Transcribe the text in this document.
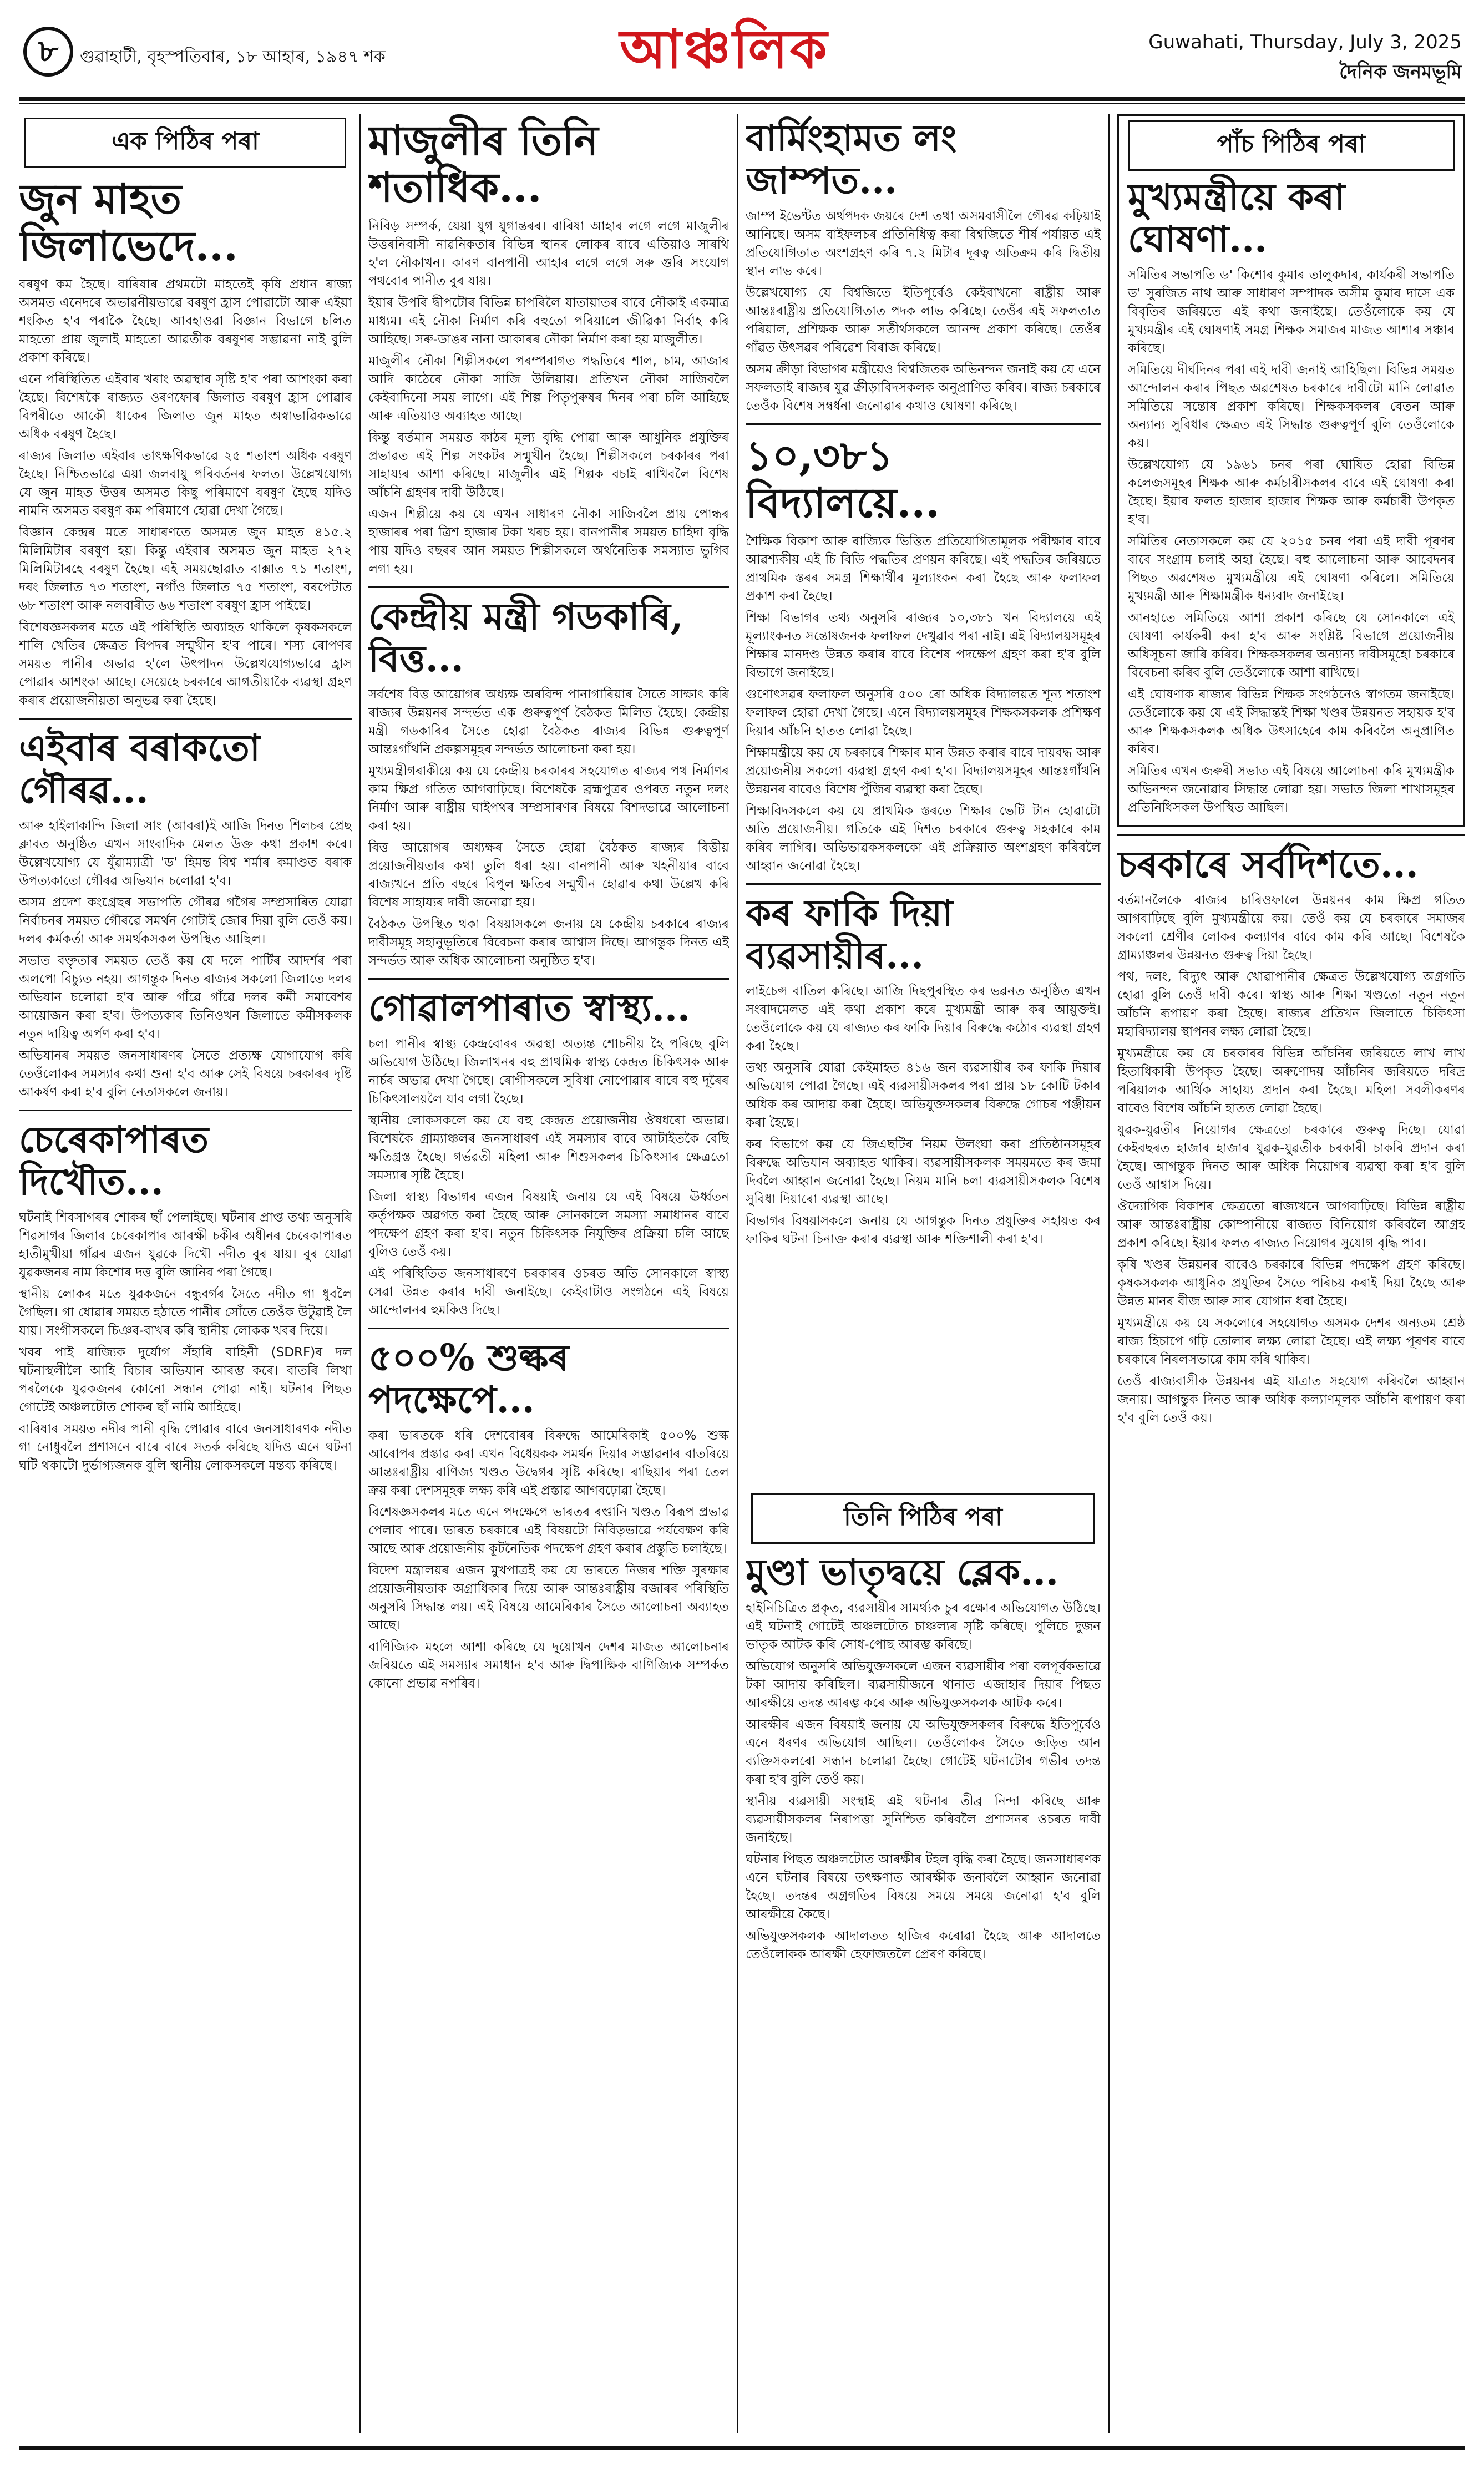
৮	গুৱাহাটী, বৃহস্পতিবাৰ, ১৮ আহাৰ, ১৯৪৭ শক	আঞ্চলিক	Guwahati, Thursday, July 3, 2025
দৈনিক জনমভূমি
এক পিঠিৰ পৰা
জুন মাহত জিলাভেদে...

বৰষুণ কম হৈছে। বাৰিষাৰ প্ৰথমটো মাহতেই কৃষি প্ৰধান ৰাজ্য অসমত এনেদৰে অভাৱনীয়ভাৱে বৰষুণ হ্ৰাস পোৱাটো আৰু এইয়া শংকিত হ'ব পৰাকৈ হৈছে। আবহাওৱা বিজ্ঞান বিভাগে চলিত মাহতো প্ৰায় জুলাই মাহতো আৱতীক বৰষুণৰ সম্ভাৱনা নাই বুলি প্ৰকাশ কৰিছে।

এনে পৰিস্থিতিত এইবাৰ খৰাং অৱস্থাৰ সৃষ্টি হ'ব পৰা আশংকা কৰা হৈছে। বিশেষকৈ ৰাজ্যত ওৰণফোৰ জিলাত বৰষুণ হ্ৰাস পোৱাৰ বিপৰীতে আকৌ ধাকেৰ জিলাত জুন মাহত অস্বাভাৱিকভাৱে অধিক বৰষুণ হৈছে।

ৰাজ্যৰ জিলাত এইবাৰ তাৎক্ষণিকভাৱে ২৫ শতাংশ অধিক বৰষুণ হৈছে। নিশ্চিতভাৱে এয়া জলবায়ু পৰিবৰ্তনৰ ফলত। উল্লেখযোগ্য যে জুন মাহত উত্তৰ অসমত কিছু পৰিমাণে বৰষুণ হৈছে যদিও নামনি অসমত বৰষুণ কম পৰিমাণে হোৱা দেখা গৈছে।

বিজ্ঞান কেন্দ্ৰৰ মতে সাধাৰণতে অসমত জুন মাহত ৪১৫.২ মিলিমিটাৰ বৰষুণ হয়। কিন্তু এইবাৰ অসমত জুন মাহত ২৭২ মিলিমিটাৰহে বৰষুণ হৈছে। এই সময়ছোৱাত বাক্সাত ৭১ শতাংশ, দৰং জিলাত ৭৩ শতাংশ, নগাঁও জিলাত ৭৫ শতাংশ, বৰপেটাত ৬৮ শতাংশ আৰু নলবাৰীত ৬৬ শতাংশ বৰষুণ হ্ৰাস পাইছে।

বিশেষজ্ঞসকলৰ মতে এই পৰিস্থিতি অব্যাহত থাকিলে কৃষকসকলে শালি খেতিৰ ক্ষেত্ৰত বিপদৰ সন্মুখীন হ'ব পাৰে। শস্য ৰোপণৰ সময়ত পানীৰ অভাৱ হ'লে উৎপাদন উল্লেখযোগ্যভাৱে হ্ৰাস পোৱাৰ আশংকা আছে। সেয়েহে চৰকাৰে আগতীয়াকৈ ব্যৱস্থা গ্ৰহণ কৰাৰ প্ৰয়োজনীয়তা অনুভৱ কৰা হৈছে।

এইবাৰ বৰাকতো গৌৰৱ...

আৰু হাইলাকান্দি জিলা সাং (আবৰা)ই আজি দিনত শিলচৰ প্ৰেছ ক্লাবত অনুষ্ঠিত এখন সাংবাদিক মেলত উক্ত কথা প্ৰকাশ কৰে। উল্লেখযোগ্য যে যুঁৱাম্যাত্ৰী 'ড' হিমন্ত বিশ্ব শৰ্মাৰ কমাণ্ডত বৰাক উপত্যকাতো গৌৰৱ অভিযান চলোৱা হ'ব।

অসম প্ৰদেশ কংগ্ৰেছৰ সভাপতি গৌৰৱ গগৈৰ সম্প্ৰসাৰিত যোৱা নিৰ্বাচনৰ সময়ত গৌৰৱে সমৰ্থন গোটাই জোৰ দিয়া বুলি তেওঁ কয়। দলৰ কৰ্মকৰ্তা আৰু সমৰ্থকসকল উপস্থিত আছিল।

সভাত বক্তৃতাৰ সময়ত তেওঁ কয় যে দলে পাৰ্টিৰ আদৰ্শৰ পৰা অলপো বিচ্যুত নহয়। আগন্তুক দিনত ৰাজ্যৰ সকলো জিলাতে দলৰ অভিযান চলোৱা হ'ব আৰু গাঁৱে গাঁৱে দলৰ কৰ্মী সমাবেশৰ আয়োজন কৰা হ'ব। উপত্যকাৰ তিনিওখন জিলাতে কৰ্মীসকলক নতুন দায়িত্ব অৰ্পণ কৰা হ'ব।

অভিযানৰ সময়ত জনসাধাৰণৰ সৈতে প্ৰত্যক্ষ যোগাযোগ কৰি তেওঁলোকৰ সমস্যাৰ কথা শুনা হ'ব আৰু সেই বিষয়ে চৰকাৰৰ দৃষ্টি আকৰ্ষণ কৰা হ'ব বুলি নেতাসকলে জনায়।

চেৰেকাপাৰত দিখৌত...

ঘটনাই শিবসাগৰৰ শোকৰ ছাঁ পেলাইছে। ঘটনাৰ প্ৰাপ্ত তথ্য অনুসৰি শিৱসাগৰ জিলাৰ চেৰেকাপাৰ আৰক্ষী চকীৰ অধীনৰ চেৰেকাপাৰত হাতীমুখীয়া গাঁৱৰ এজন যুৱকে দিখৌ নদীত বুৰ যায়। বুৰ যোৱা যুৱকজনৰ নাম কিশোৰ দত্ত বুলি জানিব পৰা গৈছে।

স্থানীয় লোকৰ মতে যুৱকজনে বন্ধুবৰ্গৰ সৈতে নদীত গা ধুবলৈ গৈছিল। গা ধোৱাৰ সময়ত হঠাতে পানীৰ সোঁতে তেওঁক উটুৱাই লৈ যায়। সংগীসকলে চিঞৰ-বাখৰ কৰি স্থানীয় লোকক খবৰ দিয়ে।

খবৰ পাই ৰাজ্যিক দুৰ্যোগ সঁহাৰি বাহিনী (SDRF)ৰ দল ঘটনাস্থলীলৈ আহি বিচাৰ অভিযান আৰম্ভ কৰে। বাতৰি লিখা পৰলৈকে যুৱকজনৰ কোনো সন্ধান পোৱা নাই। ঘটনাৰ পিছত গোটেই অঞ্চলটোত শোকৰ ছাঁ নামি আহিছে।

বাৰিষাৰ সময়ত নদীৰ পানী বৃদ্ধি পোৱাৰ বাবে জনসাধাৰণক নদীত গা নোধুবলৈ প্ৰশাসনে বাৰে বাৰে সতৰ্ক কৰিছে যদিও এনে ঘটনা ঘটি থকাটো দুৰ্ভাগ্যজনক বুলি স্থানীয় লোকসকলে মন্তব্য কৰিছে।

মাজুলীৰ তিনি শতাধিক...

নিবিড় সম্পৰ্ক, যেয়া যুগ যুগান্তৰৰ। বাৰিষা আহাৰ লগে লগে মাজুলীৰ উত্তৰনিবাসী নাৱনিকতাৰ বিভিন্ন স্থানৰ লোকৰ বাবে এতিয়াও সাৰথি হ'ল নৌকাখন। কাৰণ বানপানী আহাৰ লগে লগে সৰু গুৰি সংযোগ পথবোৰ পানীত বুৰ যায়।

ইয়াৰ উপৰি দ্বীপটোৰ বিভিন্ন চাপৰিলৈ যাতায়াতৰ বাবে নৌকাই একমাত্ৰ মাধ্যম। এই নৌকা নিৰ্মাণ কৰি বহুতো পৰিয়ালে জীৱিকা নিৰ্বাহ কৰি আহিছে। সৰু-ডাঙৰ নানা আকাৰৰ নৌকা নিৰ্মাণ কৰা হয় মাজুলীত।

মাজুলীৰ নৌকা শিল্পীসকলে পৰম্পৰাগত পদ্ধতিৰে শাল, চাম, আজাৰ আদি কাঠেৰে নৌকা সাজি উলিয়ায়। প্ৰতিখন নৌকা সাজিবলৈ কেইবাদিনো সময় লাগে। এই শিল্প পিতৃপুৰুষৰ দিনৰ পৰা চলি আহিছে আৰু এতিয়াও অব্যাহত আছে।

কিন্তু বৰ্তমান সময়ত কাঠৰ মূল্য বৃদ্ধি পোৱা আৰু আধুনিক প্ৰযুক্তিৰ প্ৰভাৱত এই শিল্প সংকটৰ সন্মুখীন হৈছে। শিল্পীসকলে চৰকাৰৰ পৰা সাহায্যৰ আশা কৰিছে। মাজুলীৰ এই শিল্পক বচাই ৰাখিবলৈ বিশেষ আঁচনি গ্ৰহণৰ দাবী উঠিছে।

এজন শিল্পীয়ে কয় যে এখন সাধাৰণ নৌকা সাজিবলৈ প্ৰায় পোন্ধৰ হাজাৰৰ পৰা ত্ৰিশ হাজাৰ টকা খৰচ হয়। বানপানীৰ সময়ত চাহিদা বৃদ্ধি পায় যদিও বছৰৰ আন সময়ত শিল্পীসকলে অৰ্থনৈতিক সমস্যাত ভুগিব লগা হয়।

কেন্দ্ৰীয় মন্ত্ৰী গডকাৰি, বিত্ত...

সৰ্বশেষ বিত্ত আয়োগৰ অধ্যক্ষ অৰবিন্দ পানাগাৰিয়াৰ সৈতে সাক্ষাৎ কৰি ৰাজ্যৰ উন্নয়নৰ সন্দৰ্ভত এক গুৰুত্বপূৰ্ণ বৈঠকত মিলিত হৈছে। কেন্দ্ৰীয় মন্ত্ৰী গডকাৰিৰ সৈতে হোৱা বৈঠকত ৰাজ্যৰ বিভিন্ন গুৰুত্বপূৰ্ণ আন্তঃগাঁথনি প্ৰকল্পসমূহৰ সন্দৰ্ভত আলোচনা কৰা হয়।

মুখ্যমন্ত্ৰীগৰাকীয়ে কয় যে কেন্দ্ৰীয় চৰকাৰৰ সহযোগত ৰাজ্যৰ পথ নিৰ্মাণৰ কাম ক্ষিপ্ৰ গতিত আগবাঢ়িছে। বিশেষকৈ ব্ৰহ্মপুত্ৰৰ ওপৰত নতুন দলং নিৰ্মাণ আৰু ৰাষ্ট্ৰীয় ঘাইপথৰ সম্প্ৰসাৰণৰ বিষয়ে বিশদভাৱে আলোচনা কৰা হয়।

বিত্ত আয়োগৰ অধ্যক্ষৰ সৈতে হোৱা বৈঠকত ৰাজ্যৰ বিত্তীয় প্ৰয়োজনীয়তাৰ কথা তুলি ধৰা হয়। বানপানী আৰু খহনীয়াৰ বাবে ৰাজ্যখনে প্ৰতি বছৰে বিপুল ক্ষতিৰ সন্মুখীন হোৱাৰ কথা উল্লেখ কৰি বিশেষ সাহায্যৰ দাবী জনোৱা হয়।

বৈঠকত উপস্থিত থকা বিষয়াসকলে জনায় যে কেন্দ্ৰীয় চৰকাৰে ৰাজ্যৰ দাবীসমূহ সহানুভূতিৰে বিবেচনা কৰাৰ আশ্বাস দিছে। আগন্তুক দিনত এই সন্দৰ্ভত আৰু অধিক আলোচনা অনুষ্ঠিত হ'ব।

গোৱালপাৰাত স্বাস্থ্য...

চলা পানীৰ স্বাস্থ্য কেন্দ্ৰবোৰৰ অৱস্থা অত্যন্ত শোচনীয় হৈ পৰিছে বুলি অভিযোগ উঠিছে। জিলাখনৰ বহু প্ৰাথমিক স্বাস্থ্য কেন্দ্ৰত চিকিৎসক আৰু নাৰ্চৰ অভাৱ দেখা গৈছে। ৰোগীসকলে সুবিধা নোপোৱাৰ বাবে বহু দূৰৈৰ চিকিৎসালয়লৈ যাব লগা হৈছে।

স্থানীয় লোকসকলে কয় যে বহু কেন্দ্ৰত প্ৰয়োজনীয় ঔষধৰো অভাৱ। বিশেষকৈ গ্ৰাম্যাঞ্চলৰ জনসাধাৰণ এই সমস্যাৰ বাবে আটাইতকৈ বেছি ক্ষতিগ্ৰস্ত হৈছে। গৰ্ভৱতী মহিলা আৰু শিশুসকলৰ চিকিৎসাৰ ক্ষেত্ৰতো সমস্যাৰ সৃষ্টি হৈছে।

জিলা স্বাস্থ্য বিভাগৰ এজন বিষয়াই জনায় যে এই বিষয়ে ঊৰ্ধ্বতন কৰ্তৃপক্ষক অৱগত কৰা হৈছে আৰু সোনকালে সমস্যা সমাধানৰ বাবে পদক্ষেপ গ্ৰহণ কৰা হ'ব। নতুন চিকিৎসক নিযুক্তিৰ প্ৰক্ৰিয়া চলি আছে বুলিও তেওঁ কয়।

এই পৰিস্থিতিত জনসাধাৰণে চৰকাৰৰ ওচৰত অতি সোনকালে স্বাস্থ্য সেৱা উন্নত কৰাৰ দাবী জনাইছে। কেইবাটাও সংগঠনে এই বিষয়ে আন্দোলনৰ হুমকিও দিছে।

৫০০% শুল্কৰ পদক্ষেপে...

কৰা ভাৰতকে ধৰি দেশবোৰৰ বিৰুদ্ধে আমেৰিকাই ৫০০% শুল্ক আৰোপৰ প্ৰস্তাৱ কৰা এখন বিধেয়কক সমৰ্থন দিয়াৰ সম্ভাৱনাৰ বাতৰিয়ে আন্তঃৰাষ্ট্ৰীয় বাণিজ্য খণ্ডত উদ্বেগৰ সৃষ্টি কৰিছে। ৰাছিয়াৰ পৰা তেল ক্ৰয় কৰা দেশসমূহক লক্ষ্য কৰি এই প্ৰস্তাৱ আগবঢ়োৱা হৈছে।

বিশেষজ্ঞসকলৰ মতে এনে পদক্ষেপে ভাৰতৰ ৰপ্তানি খণ্ডত বিৰূপ প্ৰভাৱ পেলাব পাৰে। ভাৰত চৰকাৰে এই বিষয়টো নিবিড়ভাৱে পৰ্যবেক্ষণ কৰি আছে আৰু প্ৰয়োজনীয় কূটনৈতিক পদক্ষেপ গ্ৰহণ কৰাৰ প্ৰস্তুতি চলাইছে।

বিদেশ মন্ত্ৰালয়ৰ এজন মুখপাত্ৰই কয় যে ভাৰতে নিজৰ শক্তি সুৰক্ষাৰ প্ৰয়োজনীয়তাক অগ্ৰাধিকাৰ দিয়ে আৰু আন্তঃৰাষ্ট্ৰীয় বজাৰৰ পৰিস্থিতি অনুসৰি সিদ্ধান্ত লয়। এই বিষয়ে আমেৰিকাৰ সৈতে আলোচনা অব্যাহত আছে।

বাণিজ্যিক মহলে আশা কৰিছে যে দুয়োখন দেশৰ মাজত আলোচনাৰ জৰিয়তে এই সমস্যাৰ সমাধান হ'ব আৰু দ্বিপাক্ষিক বাণিজ্যিক সম্পৰ্কত কোনো প্ৰভাৱ নপৰিব।

বাৰ্মিংহামত লং জাম্পত...

জাম্প ইভেণ্টত অৰ্থপদক জয়ৰে দেশ তথা অসমবাসীলৈ গৌৰৱ কঢ়িয়াই আনিছে। অসম বাইফলচৰ প্ৰতিনিধিত্ব কৰা বিশ্বজিতে শীৰ্ষ পৰ্যায়ত এই প্ৰতিযোগিতাত অংশগ্ৰহণ কৰি ৭.২ মিটাৰ দূৰত্ব অতিক্ৰম কৰি দ্বিতীয় স্থান লাভ কৰে।

উল্লেখযোগ্য যে বিশ্বজিতে ইতিপূৰ্বেও কেইবাখনো ৰাষ্ট্ৰীয় আৰু আন্তঃৰাষ্ট্ৰীয় প্ৰতিযোগিতাত পদক লাভ কৰিছে। তেওঁৰ এই সফলতাত পৰিয়াল, প্ৰশিক্ষক আৰু সতীৰ্থসকলে আনন্দ প্ৰকাশ কৰিছে। তেওঁৰ গাঁৱত উৎসৱৰ পৰিৱেশ বিৰাজ কৰিছে।

অসম ক্ৰীড়া বিভাগৰ মন্ত্ৰীয়েও বিশ্বজিতক অভিনন্দন জনাই কয় যে এনে সফলতাই ৰাজ্যৰ যুৱ ক্ৰীড়াবিদসকলক অনুপ্ৰাণিত কৰিব। ৰাজ্য চৰকাৰে তেওঁক বিশেষ সম্বৰ্ধনা জনোৱাৰ কথাও ঘোষণা কৰিছে।

১০,৩৮১ বিদ্যালয়ে...

শৈক্ষিক বিকাশ আৰু ৰাজ্যিক ভিত্তিত প্ৰতিযোগিতামূলক পৰীক্ষাৰ বাবে আৱশ্যকীয় এই চি বিডি পদ্ধতিৰ প্ৰণয়ন কৰিছে। এই পদ্ধতিৰ জৰিয়তে প্ৰাথমিক স্তৰৰ সমগ্ৰ শিক্ষাৰ্থীৰ মূল্যাংকন কৰা হৈছে আৰু ফলাফল প্ৰকাশ কৰা হৈছে।

শিক্ষা বিভাগৰ তথ্য অনুসৰি ৰাজ্যৰ ১০,৩৮১ খন বিদ্যালয়ে এই মূল্যাংকনত সন্তোষজনক ফলাফল দেখুৱাব পৰা নাই। এই বিদ্যালয়সমূহৰ শিক্ষাৰ মানদণ্ড উন্নত কৰাৰ বাবে বিশেষ পদক্ষেপ গ্ৰহণ কৰা হ'ব বুলি বিভাগে জনাইছে।

গুণোৎসৱৰ ফলাফল অনুসৰি ৫০০ ৰো অধিক বিদ্যালয়ত শূন্য শতাংশ ফলাফল হোৱা দেখা গৈছে। এনে বিদ্যালয়সমূহৰ শিক্ষকসকলক প্ৰশিক্ষণ দিয়াৰ আঁচনি হাতত লোৱা হৈছে।

শিক্ষামন্ত্ৰীয়ে কয় যে চৰকাৰে শিক্ষাৰ মান উন্নত কৰাৰ বাবে দায়বদ্ধ আৰু প্ৰয়োজনীয় সকলো ব্যৱস্থা গ্ৰহণ কৰা হ'ব। বিদ্যালয়সমূহৰ আন্তঃগাঁথনি উন্নয়নৰ বাবেও বিশেষ পুঁজিৰ ব্যৱস্থা কৰা হৈছে।

শিক্ষাবিদসকলে কয় যে প্ৰাথমিক স্তৰতে শিক্ষাৰ ভেটি টান হোৱাটো অতি প্ৰয়োজনীয়। গতিকে এই দিশত চৰকাৰে গুৰুত্ব সহকাৰে কাম কৰিব লাগিব। অভিভাৱকসকলকো এই প্ৰক্ৰিয়াত অংশগ্ৰহণ কৰিবলৈ আহ্বান জনোৱা হৈছে।

কৰ ফাকি দিয়া ব্যৱসায়ীৰ...

লাইচেন্স বাতিল কৰিছে। আজি দিছপুৰস্থিত কৰ ভৱনত অনুষ্ঠিত এখন সংবাদমেলত এই কথা প্ৰকাশ কৰে মুখ্যমন্ত্ৰী আৰু কৰ আয়ুক্তই। তেওঁলোকে কয় যে ৰাজ্যত কৰ ফাকি দিয়াৰ বিৰুদ্ধে কঠোৰ ব্যৱস্থা গ্ৰহণ কৰা হৈছে।

তথ্য অনুসৰি যোৱা কেইমাহত ৪১৬ জন ব্যৱসায়ীৰ কৰ ফাকি দিয়াৰ অভিযোগ পোৱা গৈছে। এই ব্যৱসায়ীসকলৰ পৰা প্ৰায় ১৮ কোটি টকাৰ অধিক কৰ আদায় কৰা হৈছে। অভিযুক্তসকলৰ বিৰুদ্ধে গোচৰ পঞ্জীয়ন কৰা হৈছে।

কৰ বিভাগে কয় যে জিএছটিৰ নিয়ম উলংঘা কৰা প্ৰতিষ্ঠানসমূহৰ বিৰুদ্ধে অভিযান অব্যাহত থাকিব। ব্যৱসায়ীসকলক সময়মতে কৰ জমা দিবলৈ আহ্বান জনোৱা হৈছে। নিয়ম মানি চলা ব্যৱসায়ীসকলক বিশেষ সুবিধা দিয়াৰো ব্যৱস্থা আছে।

বিভাগৰ বিষয়াসকলে জনায় যে আগন্তুক দিনত প্ৰযুক্তিৰ সহায়ত কৰ ফাকিৰ ঘটনা চিনাক্ত কৰাৰ ব্যৱস্থা আৰু শক্তিশালী কৰা হ'ব।

তিনি পিঠিৰ পৰা
মুণ্ডা ভাতৃদ্বয়ে ব্লেক...

হাইনিচিত্ৰিত প্ৰকৃত, ব্যৱসায়ীৰ সামৰ্থ্যক চুৰ ৰক্ষোৰ অভিযোগত উঠিছে। এই ঘটনাই গোটেই অঞ্চলটোত চাঞ্চল্যৰ সৃষ্টি কৰিছে। পুলিচে দুজন ভাতৃক আটক কৰি সোধ-পোছ আৰম্ভ কৰিছে।

অভিযোগ অনুসৰি অভিযুক্তসকলে এজন ব্যৱসায়ীৰ পৰা বলপূৰ্বকভাৱে টকা আদায় কৰিছিল। ব্যৱসায়ীজনে থানাত এজাহাৰ দিয়াৰ পিছত আৰক্ষীয়ে তদন্ত আৰম্ভ কৰে আৰু অভিযুক্তসকলক আটক কৰে।

আৰক্ষীৰ এজন বিষয়াই জনায় যে অভিযুক্তসকলৰ বিৰুদ্ধে ইতিপূৰ্বেও এনে ধৰণৰ অভিযোগ আছিল। তেওঁলোকৰ সৈতে জড়িত আন ব্যক্তিসকলৰো সন্ধান চলোৱা হৈছে। গোটেই ঘটনাটোৰ গভীৰ তদন্ত কৰা হ'ব বুলি তেওঁ কয়।

স্থানীয় ব্যৱসায়ী সংস্থাই এই ঘটনাৰ তীব্ৰ নিন্দা কৰিছে আৰু ব্যৱসায়ীসকলৰ নিৰাপত্তা সুনিশ্চিত কৰিবলৈ প্ৰশাসনৰ ওচৰত দাবী জনাইছে।

ঘটনাৰ পিছত অঞ্চলটোত আৰক্ষীৰ টহল বৃদ্ধি কৰা হৈছে। জনসাধাৰণক এনে ঘটনাৰ বিষয়ে তৎক্ষণাত আৰক্ষীক জনাবলৈ আহ্বান জনোৱা হৈছে। তদন্তৰ অগ্ৰগতিৰ বিষয়ে সময়ে সময়ে জনোৱা হ'ব বুলি আৰক্ষীয়ে কৈছে।

অভিযুক্তসকলক আদালতত হাজিৰ কৰোৱা হৈছে আৰু আদালতে তেওঁলোকক আৰক্ষী হেফাজতলৈ প্ৰেৰণ কৰিছে।

পাঁচ পিঠিৰ পৰা
মুখ্যমন্ত্ৰীয়ে কৰা ঘোষণা...

সমিতিৰ সভাপতি ড' কিশোৰ কুমাৰ তালুকদাৰ, কাৰ্যকৰী সভাপতি ড' সুৰজিত নাথ আৰু সাধাৰণ সম্পাদক অসীম কুমাৰ দাসে এক বিবৃতিৰ জৰিয়তে এই কথা জনাইছে। তেওঁলোকে কয় যে মুখ্যমন্ত্ৰীৰ এই ঘোষণাই সমগ্ৰ শিক্ষক সমাজৰ মাজত আশাৰ সঞ্চাৰ কৰিছে।

সমিতিয়ে দীৰ্ঘদিনৰ পৰা এই দাবী জনাই আহিছিল। বিভিন্ন সময়ত আন্দোলন কৰাৰ পিছত অৱশেষত চৰকাৰে দাবীটো মানি লোৱাত সমিতিয়ে সন্তোষ প্ৰকাশ কৰিছে। শিক্ষকসকলৰ বেতন আৰু অন্যান্য সুবিধাৰ ক্ষেত্ৰত এই সিদ্ধান্ত গুৰুত্বপূৰ্ণ বুলি তেওঁলোকে কয়।

উল্লেখযোগ্য যে ১৯৬১ চনৰ পৰা ঘোষিত হোৱা বিভিন্ন কলেজসমূহৰ শিক্ষক আৰু কৰ্মচাৰীসকলৰ বাবে এই ঘোষণা কৰা হৈছে। ইয়াৰ ফলত হাজাৰ হাজাৰ শিক্ষক আৰু কৰ্মচাৰী উপকৃত হ'ব।

সমিতিৰ নেতাসকলে কয় যে ২০১৫ চনৰ পৰা এই দাবী পূৰণৰ বাবে সংগ্ৰাম চলাই অহা হৈছে। বহু আলোচনা আৰু আবেদনৰ পিছত অৱশেষত মুখ্যমন্ত্ৰীয়ে এই ঘোষণা কৰিলে। সমিতিয়ে মুখ্যমন্ত্ৰী আৰু শিক্ষামন্ত্ৰীক ধন্যবাদ জনাইছে।

আনহাতে সমিতিয়ে আশা প্ৰকাশ কৰিছে যে সোনকালে এই ঘোষণা কাৰ্যকৰী কৰা হ'ব আৰু সংশ্লিষ্ট বিভাগে প্ৰয়োজনীয় অধিসূচনা জাৰি কৰিব। শিক্ষকসকলৰ অন্যান্য দাবীসমূহো চৰকাৰে বিবেচনা কৰিব বুলি তেওঁলোকে আশা ৰাখিছে।

এই ঘোষণাক ৰাজ্যৰ বিভিন্ন শিক্ষক সংগঠনেও স্বাগতম জনাইছে। তেওঁলোকে কয় যে এই সিদ্ধান্তই শিক্ষা খণ্ডৰ উন্নয়নত সহায়ক হ'ব আৰু শিক্ষকসকলক অধিক উৎসাহেৰে কাম কৰিবলৈ অনুপ্ৰাণিত কৰিব।

সমিতিৰ এখন জৰুৰী সভাত এই বিষয়ে আলোচনা কৰি মুখ্যমন্ত্ৰীক অভিনন্দন জনোৱাৰ সিদ্ধান্ত লোৱা হয়। সভাত জিলা শাখাসমূহৰ প্ৰতিনিধিসকল উপস্থিত আছিল।

চৰকাৰে সৰ্বদিশতে...

বৰ্তমানলৈকে ৰাজ্যৰ চাৰিওফালে উন্নয়নৰ কাম ক্ষিপ্ৰ গতিত আগবাঢ়িছে বুলি মুখ্যমন্ত্ৰীয়ে কয়। তেওঁ কয় যে চৰকাৰে সমাজৰ সকলো শ্ৰেণীৰ লোকৰ কল্যাণৰ বাবে কাম কৰি আছে। বিশেষকৈ গ্ৰাম্যাঞ্চলৰ উন্নয়নত গুৰুত্ব দিয়া হৈছে।

পথ, দলং, বিদ্যুৎ আৰু খোৱাপানীৰ ক্ষেত্ৰত উল্লেখযোগ্য অগ্ৰগতি হোৱা বুলি তেওঁ দাবী কৰে। স্বাস্থ্য আৰু শিক্ষা খণ্ডতো নতুন নতুন আঁচনি ৰূপায়ণ কৰা হৈছে। ৰাজ্যৰ প্ৰতিখন জিলাতে চিকিৎসা মহাবিদ্যালয় স্থাপনৰ লক্ষ্য লোৱা হৈছে।

মুখ্যমন্ত্ৰীয়ে কয় যে চৰকাৰৰ বিভিন্ন আঁচনিৰ জৰিয়তে লাখ লাখ হিতাধিকাৰী উপকৃত হৈছে। অৰুণোদয় আঁচনিৰ জৰিয়তে দৰিদ্ৰ পৰিয়ালক আৰ্থিক সাহায্য প্ৰদান কৰা হৈছে। মহিলা সবলীকৰণৰ বাবেও বিশেষ আঁচনি হাতত লোৱা হৈছে।

যুৱক-যুৱতীৰ নিয়োগৰ ক্ষেত্ৰতো চৰকাৰে গুৰুত্ব দিছে। যোৱা কেইবছৰত হাজাৰ হাজাৰ যুৱক-যুৱতীক চৰকাৰী চাকৰি প্ৰদান কৰা হৈছে। আগন্তুক দিনত আৰু অধিক নিয়োগৰ ব্যৱস্থা কৰা হ'ব বুলি তেওঁ আশ্বাস দিয়ে।

ঔদ্যোগিক বিকাশৰ ক্ষেত্ৰতো ৰাজ্যখনে আগবাঢ়িছে। বিভিন্ন ৰাষ্ট্ৰীয় আৰু আন্তঃৰাষ্ট্ৰীয় কোম্পানীয়ে ৰাজ্যত বিনিয়োগ কৰিবলৈ আগ্ৰহ প্ৰকাশ কৰিছে। ইয়াৰ ফলত ৰাজ্যত নিয়োগৰ সুযোগ বৃদ্ধি পাব।

কৃষি খণ্ডৰ উন্নয়নৰ বাবেও চৰকাৰে বিভিন্ন পদক্ষেপ গ্ৰহণ কৰিছে। কৃষকসকলক আধুনিক প্ৰযুক্তিৰ সৈতে পৰিচয় কৰাই দিয়া হৈছে আৰু উন্নত মানৰ বীজ আৰু সাৰ যোগান ধৰা হৈছে।

মুখ্যমন্ত্ৰীয়ে কয় যে সকলোৰে সহযোগত অসমক দেশৰ অন্যতম শ্ৰেষ্ঠ ৰাজ্য হিচাপে গঢ়ি তোলাৰ লক্ষ্য লোৱা হৈছে। এই লক্ষ্য পূৰণৰ বাবে চৰকাৰে নিৰলসভাৱে কাম কৰি থাকিব।

তেওঁ ৰাজ্যবাসীক উন্নয়নৰ এই যাত্ৰাত সহযোগ কৰিবলৈ আহ্বান জনায়। আগন্তুক দিনত আৰু অধিক কল্যাণমূলক আঁচনি ৰূপায়ণ কৰা হ'ব বুলি তেওঁ কয়।
